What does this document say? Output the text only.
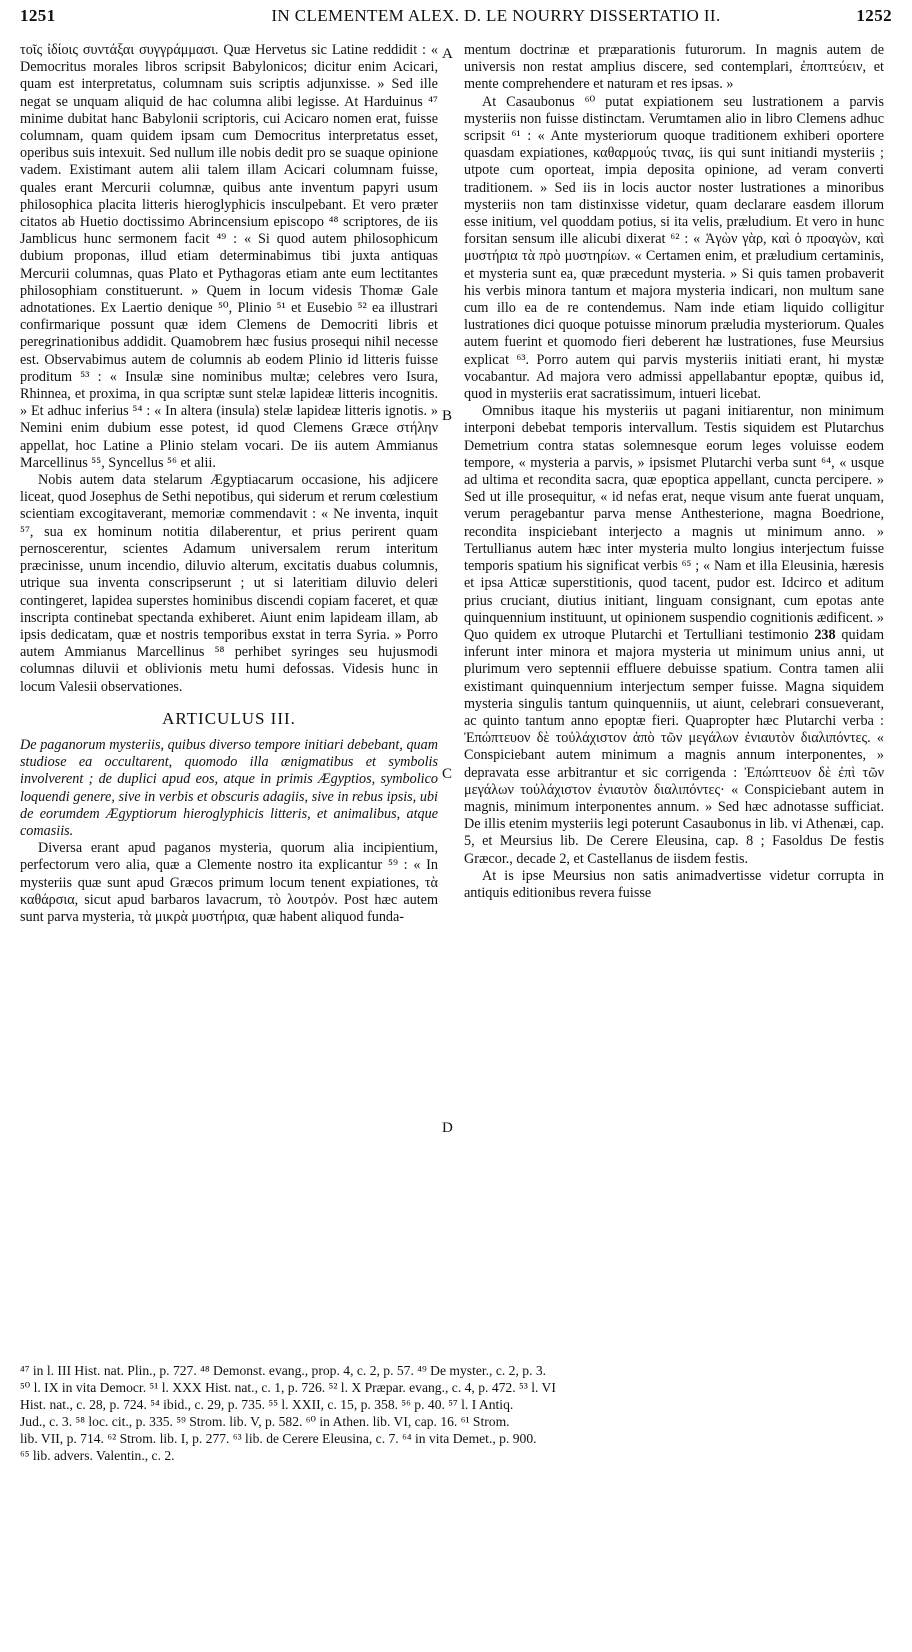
1251	IN CLEMENTEM ALEX. D. LE NOURRY DISSERTATIO II.	1252
A
B
C
D

τοῖς ἰδίοις συντάξαι συγγράμμασι. Quæ Hervetus sic Latine reddidit : « Democritus morales libros scripsit Babylonicos; dicitur enim Acicari, quam est interpretatus, columnam suis scriptis adjunxisse. » Sed ille negat se unquam aliquid de hac columna alibi legisse. At Harduinus ⁴⁷ minime dubitat hanc Babylonii scriptoris, cui Acicaro nomen erat, fuisse columnam, quam quidem ipsam cum Democritus interpretatus esset, operibus suis intexuit. Sed nullum ille nobis dedit pro se suaque opinione vadem. Existimant autem alii talem illam Acicari columnam fuisse, quales erant Mercurii columnæ, quibus ante inventum papyri usum philosophica placita litteris hieroglyphicis insculpebant. Et vero præter citatos ab Huetio doctissimo Abrincensium episcopo ⁴⁸ scriptores, de iis Jamblicus hunc sermonem facit ⁴⁹ : « Si quod autem philosophicum dubium proponas, illud etiam determinabimus tibi juxta antiquas Mercurii columnas, quas Plato et Pythagoras etiam ante eum lectitantes philosophiam constituerunt. » Quem in locum videsis Thomæ Gale adnotationes. Ex Laertio denique ⁵⁰, Plinio ⁵¹ et Eusebio ⁵² ea illustrari confirmarique possunt quæ idem Clemens de Democriti libris et peregrinationibus addidit. Quamobrem hæc fusius prosequi nihil necesse est. Observabimus autem de columnis ab eodem Plinio id litteris fuisse proditum ⁵³ : « Insulæ sine nominibus multæ; celebres vero Isura, Rhinnea, et proxima, in qua scriptæ sunt stelæ lapideæ litteris incognitis. » Et adhuc inferius ⁵⁴ : « In altera (insula) stelæ lapideæ litteris ignotis. » Nemini enim dubium esse potest, id quod Clemens Græce στήλην appellat, hoc Latine a Plinio stelam vocari. De iis autem Ammianus Marcellinus ⁵⁵, Syncellus ⁵⁶ et alii.

Nobis autem data stelarum Ægyptiacarum occasione, his adjicere liceat, quod Josephus de Sethi nepotibus, qui siderum et rerum cœlestium scientiam excogitaverant, memoriæ commendavit : « Ne inventa, inquit ⁵⁷, sua ex hominum notitia dilaberentur, et prius perirent quam pernoscerentur, scientes Adamum universalem rerum interitum præcinisse, unum incendio, diluvio alterum, excitatis duabus columnis, utrique sua inventa conscripserunt ; ut si lateritiam diluvio deleri contingeret, lapidea superstes hominibus discendi copiam faceret, et quæ inscripta continebat spectanda exhiberet. Aiunt enim lapideam illam, ab ipsis dedicatam, quæ et nostris temporibus exstat in terra Syria. » Porro autem Ammianus Marcellinus ⁵⁸ perhibet syringes seu hujusmodi columnas diluvii et oblivionis metu humi defossas. Videsis hunc in locum Valesii observationes.

ARTICULUS III.

De paganorum mysteriis, quibus diverso tempore initiari debebant, quam studiose ea occultarent, quomodo illa ænigmatibus et symbolis involverent ; de duplici apud eos, atque in primis Ægyptios, symbolico loquendi genere, sive in verbis et obscuris adagiis, sive in rebus ipsis, ubi de eorumdem Ægyptiorum hieroglyphicis litteris, et animalibus, atque comasiis.

Diversa erant apud paganos mysteria, quorum alia incipientium, perfectorum vero alia, quæ a Clemente nostro ita explicantur ⁵⁹ : « In mysteriis quæ sunt apud Græcos primum locum tenent expiationes, τὰ καθάρσια, sicut apud barbaros lavacrum, τὸ λουτρόν. Post hæc autem sunt parva mysteria, τὰ μικρὰ μυστήρια, quæ habent aliquod funda-

mentum doctrinæ et præparationis futurorum. In magnis autem de universis non restat amplius discere, sed contemplari, ἐποπτεύειν, et mente comprehendere et naturam et res ipsas. »

At Casaubonus ⁶⁰ putat expiationem seu lustrationem a parvis mysteriis non fuisse distinctam. Verumtamen alio in libro Clemens adhuc scripsit ⁶¹ : « Ante mysteriorum quoque traditionem exhiberi oportere quasdam expiationes, καθαρμούς τινας, iis qui sunt initiandi mysteriis ; utpote cum oporteat, impia deposita opinione, ad veram converti traditionem. » Sed iis in locis auctor noster lustrationes a minoribus mysteriis non tam distinxisse videtur, quam declarare easdem illorum esse initium, vel quoddam potius, si ita velis, præludium. Et vero in hunc forsitan sensum ille alicubi dixerat ⁶² : « Ἀγὼν γὰρ, καὶ ὁ προαγὼν, καὶ μυστήρια τὰ πρὸ μυστηρίων. « Certamen enim, et præludium certaminis, et mysteria sunt ea, quæ præcedunt mysteria. » Si quis tamen probaverit his verbis minora tantum et majora mysteria indicari, non multum sane cum illo ea de re contendemus. Nam inde etiam liquido colligitur lustrationes dici quoque potuisse minorum præludia mysteriorum. Quales autem fuerint et quomodo fieri deberent hæ lustrationes, fuse Meursius explicat ⁶³. Porro autem qui parvis mysteriis initiati erant, hi mystæ vocabantur. Ad majora vero admissi appellabantur epoptæ, quibus id, quod in mysteriis erat sacratissimum, intueri licebat.

Omnibus itaque his mysteriis ut pagani initiarentur, non minimum interponi debebat temporis intervallum. Testis siquidem est Plutarchus Demetrium contra statas solemnesque eorum leges voluisse eodem tempore, « mysteria a parvis, » ipsismet Plutarchi verba sunt ⁶⁴, « usque ad ultima et recondita sacra, quæ epoptica appellant, cuncta percipere. » Sed ut ille prosequitur, « id nefas erat, neque visum ante fuerat unquam, verum peragebantur parva mense Anthesterione, magna Boedrione, recondita inspiciebant interjecto a magnis ut minimum anno. » Tertullianus autem hæc inter mysteria multo longius interjectum fuisse temporis spatium his significat verbis ⁶⁵ ; « Nam et illa Eleusinia, hæresis et ipsa Atticæ superstitionis, quod tacent, pudor est. Idcirco et aditum prius cruciant, diutius initiant, linguam consignant, cum epotas ante quinquennium instituunt, ut opinionem suspendio cognitionis ædificent. » Quo quidem ex utroque Plutarchi et Tertulliani testimonio 238 quidam inferunt inter minora et majora mysteria ut minimum unius anni, ut plurimum vero septennii effluere debuisse spatium. Contra tamen alii existimant quinquennium interjectum semper fuisse. Magna siquidem mysteria singulis tantum quinquenniis, ut aiunt, celebrari consueverant, ac quinto tantum anno epoptæ fieri. Quapropter hæc Plutarchi verba : Ἐπώπτευον δὲ τοὐλάχιστον ἀπὸ τῶν μεγάλων ἐνιαυτὸν διαλιπόντες. « Conspiciebant autem minimum a magnis annum interponentes, » depravata esse arbitrantur et sic corrigenda : Ἐπώπτευον δὲ ἐπὶ τῶν μεγάλων τοὐλάχιστον ἐνιαυτὸν διαλιπόντες· « Conspiciebant autem in magnis, minimum interponentes annum. » Sed hæc adnotasse sufficiat. De illis etenim mysteriis legi poterunt Casaubonus in lib. vi Athenæi, cap. 5, et Meursius lib. De Cerere Eleusina, cap. 8 ; Fasoldus De festis Græcor., decade 2, et Castellanus de iisdem festis.

At is ipse Meursius non satis animadvertisse videtur corrupta in antiquis editionibus revera fuisse

⁴⁷ in l. III Hist. nat. Plin., p. 727. ⁴⁸ Demonst. evang., prop. 4, c. 2, p. 57. ⁴⁹ De myster., c. 2, p. 3.
⁵⁰ l. IX in vita Democr. ⁵¹ l. XXX Hist. nat., c. 1, p. 726. ⁵² l. X Præpar. evang., c. 4, p. 472. ⁵³ l. VI
Hist. nat., c. 28, p. 724. ⁵⁴ ibid., c. 29, p. 735. ⁵⁵ l. XXII, c. 15, p. 358. ⁵⁶ p. 40. ⁵⁷ l. I Antiq.
Jud., c. 3. ⁵⁸ loc. cit., p. 335. ⁵⁹ Strom. lib. V, p. 582. ⁶⁰ in Athen. lib. VI, cap. 16. ⁶¹ Strom.
lib. VII, p. 714. ⁶² Strom. lib. I, p. 277. ⁶³ lib. de Cerere Eleusina, c. 7. ⁶⁴ in vita Demet., p. 900.
⁶⁵ lib. advers. Valentin., c. 2.
